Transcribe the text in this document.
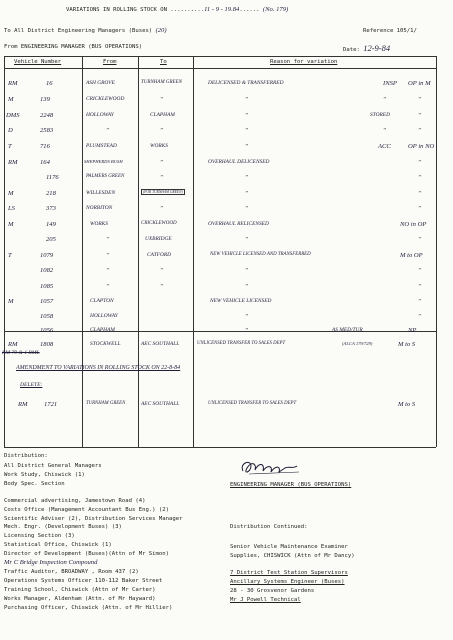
VARIATIONS IN ROLLING STOCK ON ..........11 - 9 - 19.84...... (No. 179)
To All District Engineering Managers (Buses) (20)	Reference 105/1/
From ENGINEERING MANAGER (BUS OPERATIONS)	Date: 12-9-84
Vehicle Number	From	To	Reason for variation
RM	16	ASH GROVE	TURNHAM GREEN	DELICENSED & TRANSFERRED	INSP OP in M
M	139	CRICKLEWOOD	"	"	"	"
DMS	2248	HOLLOWAY	CLAPHAM	"	STORED	"
D	2583	"	"	"	"	"
T	716	PLUMSTEAD	WORKS	"	ACC	OP in NO
RM	164	SHEPHERDS BUSH	"	OVERHAUL DELICENSED	"
1176	PALMERS GREEN	"	"	"
M	218	WILLESDEN	(FOR TURNHAM GREEN)	"	"
LS	373	NORBITON	"	"	"
M	149	WORKS	CRICKLEWOOD	OVERHAUL RELICENSED	NO in OP
205	"	UXBRIDGE	"	"
T	1079	"	CATFORD	NEW VEHICLE LICENSED AND TRANSFERRED	M to OP
1082	"	"	"	"
1085	"	"	"	"
M	1057	CLAPTON	NEW VEHICLE LICENSED	"
1058	HOLLOWAY	"	"
1056	CLAPHAM	"	AS MED/TUR	NP
RM	1808	STOCKWELL	AEC SOUTHALL	UNLICENSED TRANSFER TO SALES DEPT	(ALCA 179/729)	M to S
RM 79 & 1 RML
AMENDMENT TO VARIATIONS IN ROLLING STOCK ON 22-8-84
DELETE:
RM 1721	TURNHAM GREEN	AEC SOUTHALL	UNLICENSED TRANSFER TO SALES DEPT	M to S
Distribution:
All District General Managers
Work Study, Chiswick (1)
Body Spec. Section
Commercial advertising, Jamestown Road (4)
Costs Office (Management Accountant Bus Eng.) (2)
Scientific Adviser (2), Distribution Services Manager
Mech. Engr. (Development Buses) (3)
Licensing Section (3)
Statistical Office, Chiswick (1)
Director of Development (Buses)(Attn of Mr Simon)
Mr C Bridge Inspection Compound
Traffic Auditor, BROADWAY , Room 437 (2)
Operations Systems Officer 110-112 Baker Street
Training School, Chiswick (Attn of Mr Carter)
Works Manager, Aldenham (Attn. of Mr Hayward)
Purchasing Officer, Chiswick (Attn. of Mr Hillier)
ENGINEERING MANAGER (BUS OPERATIONS)
Distribution Continued:
Senior Vehicle Maintenance Examiner
Supplies, CHISWICK (Attn of Mr Dancy)
7 District Test Station Supervisors
Ancillary Systems Engineer (Buses)
28 - 30 Grosvenor Gardens
Mr J Powell Technical
